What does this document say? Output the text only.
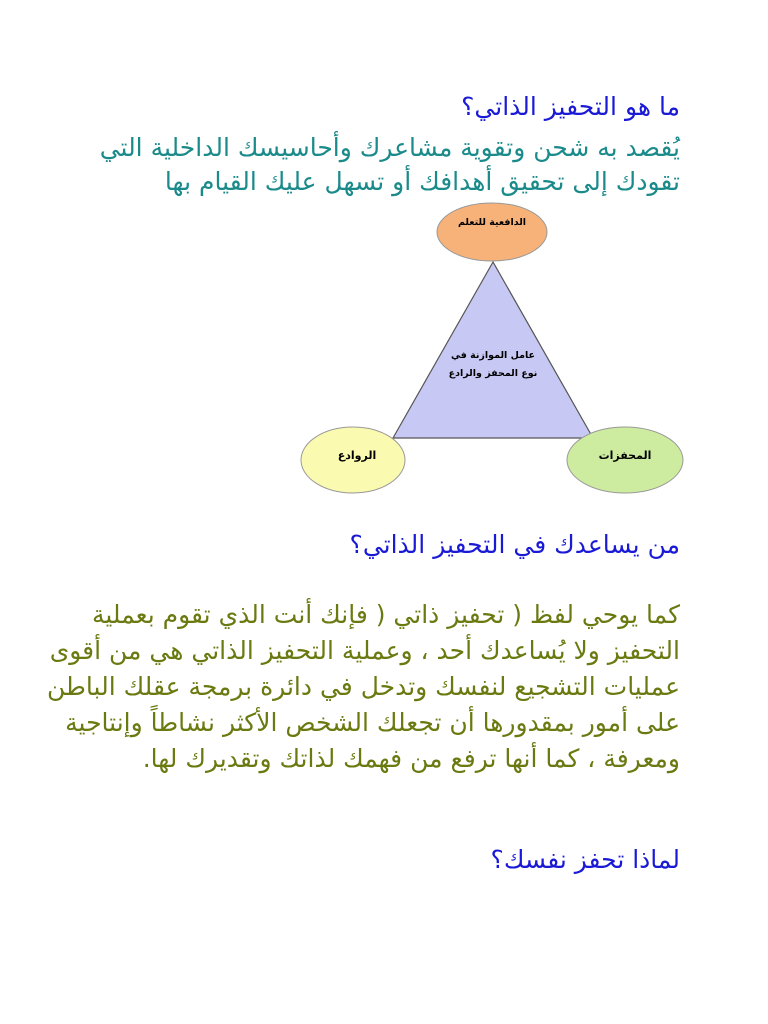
ما هو التحفيز الذاتي؟

يُقصد به شحن وتقوية مشاعرك وأحاسيسك الداخلية التي

تقودك إلى تحقيق أهدافك أو تسهل عليك القيام بها

الدافعية للتعلم
الروادع	المحفزات
عامل الموازنة في
نوع المحفز والرادع
من يساعدك في التحفيز الذاتي؟
كما يوحي لفظ ( تحفيز ذاتي ( فإنك أنت الذي تقوم بعملية
التحفيز ولا يُساعدك أحد ، وعملية التحفيز الذاتي هي من أقوى
عمليات التشجيع لنفسك وتدخل في دائرة برمجة عقلك الباطن
على أمور بمقدورها أن تجعلك الشخص الأكثر نشاطاً وإنتاجية
ومعرفة ، كما أنها ترفع من فهمك لذاتك وتقديرك لها.
لماذا تحفز نفسك؟
